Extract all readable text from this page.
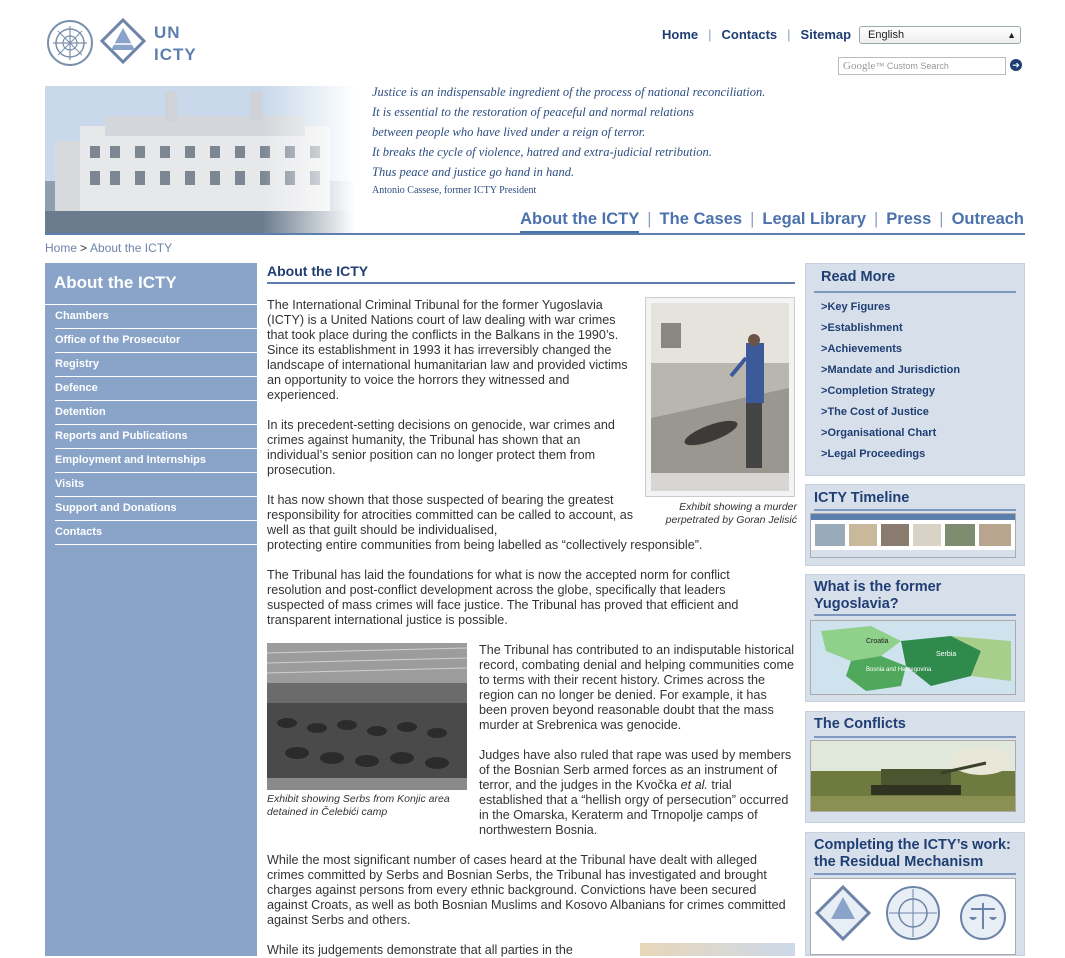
UN
ICTY
Home | Contacts | Sitemap	English	▲

Google™ Custom Search	➔
Justice is an indispensable ingredient of the process of national reconciliation.
It is essential to the restoration of peaceful and normal relations
between people who have lived under a reign of terror.
It breaks the cycle of violence, hatred and extra-judicial retribution.
Thus peace and justice go hand in hand.
Antonio Cassese, former ICTY President
About the ICTY | The Cases | Legal Library | Press | Outreach
Home > About the ICTY
About the ICTY
Chambers
Office of the Prosecutor
Registry
Defence
Detention
Reports and Publications
Employment and Internships
Visits
Support and Donations
Contacts
About the ICTY

The International Criminal Tribunal for the former Yugoslavia (ICTY) is a United Nations court of law dealing with war crimes that took place during the conflicts in the Balkans in the 1990’s. Since its establishment in 1993 it has irreversibly changed the landscape of international humanitarian law and provided victims an opportunity to voice the horrors they witnessed and experienced.

Exhibit showing a murder perpetrated by Goran Jelisić

In its precedent-setting decisions on genocide, war crimes and crimes against humanity, the Tribunal has shown that an individual’s senior position can no longer protect them from prosecution.

It has now shown that those suspected of bearing the greatest responsibility for atrocities committed can be called to account, as well as that guilt should be individualised,

protecting entire communities from being labelled as “collectively responsible”.

The Tribunal has laid the foundations for what is now the accepted norm for conflict resolution and post-conflict development across the globe, specifically that leaders suspected of mass crimes will face justice. The Tribunal has proved that efficient and transparent international justice is possible.

Exhibit showing Serbs from Konjic area detained in Čelebići camp

The Tribunal has contributed to an indisputable historical record, combating denial and helping communities come to terms with their recent history. Crimes across the region can no longer be denied. For example, it has been proven beyond reasonable doubt that the mass murder at Srebrenica was genocide.

Judges have also ruled that rape was used by members of the Bosnian Serb armed forces as an instrument of terror, and the judges in the Kvočka et al. trial established that a “hellish orgy of persecution” occurred in the Omarska, Keraterm and Trnopolje camps of northwestern Bosnia.

While the most significant number of cases heard at the Tribunal have dealt with alleged crimes committed by Serbs and Bosnian Serbs, the Tribunal has investigated and brought charges against persons from every ethnic background. Convictions have been secured against Croats, as well as both Bosnian Muslims and Kosovo Albanians for crimes committed against Serbs and others.

While its judgements demonstrate that all parties in the

Read More
>Key Figures
>Establishment
>Achievements
>Mandate and Jurisdiction
>Completion Strategy
>The Cost of Justice
>Organisational Chart
>Legal Proceedings
ICTY Timeline
What is the former Yugoslavia?
Croatia
Bosnia and Herzegovina
Serbia
The Conflicts
Completing the ICTY’s work: the Residual Mechanism
